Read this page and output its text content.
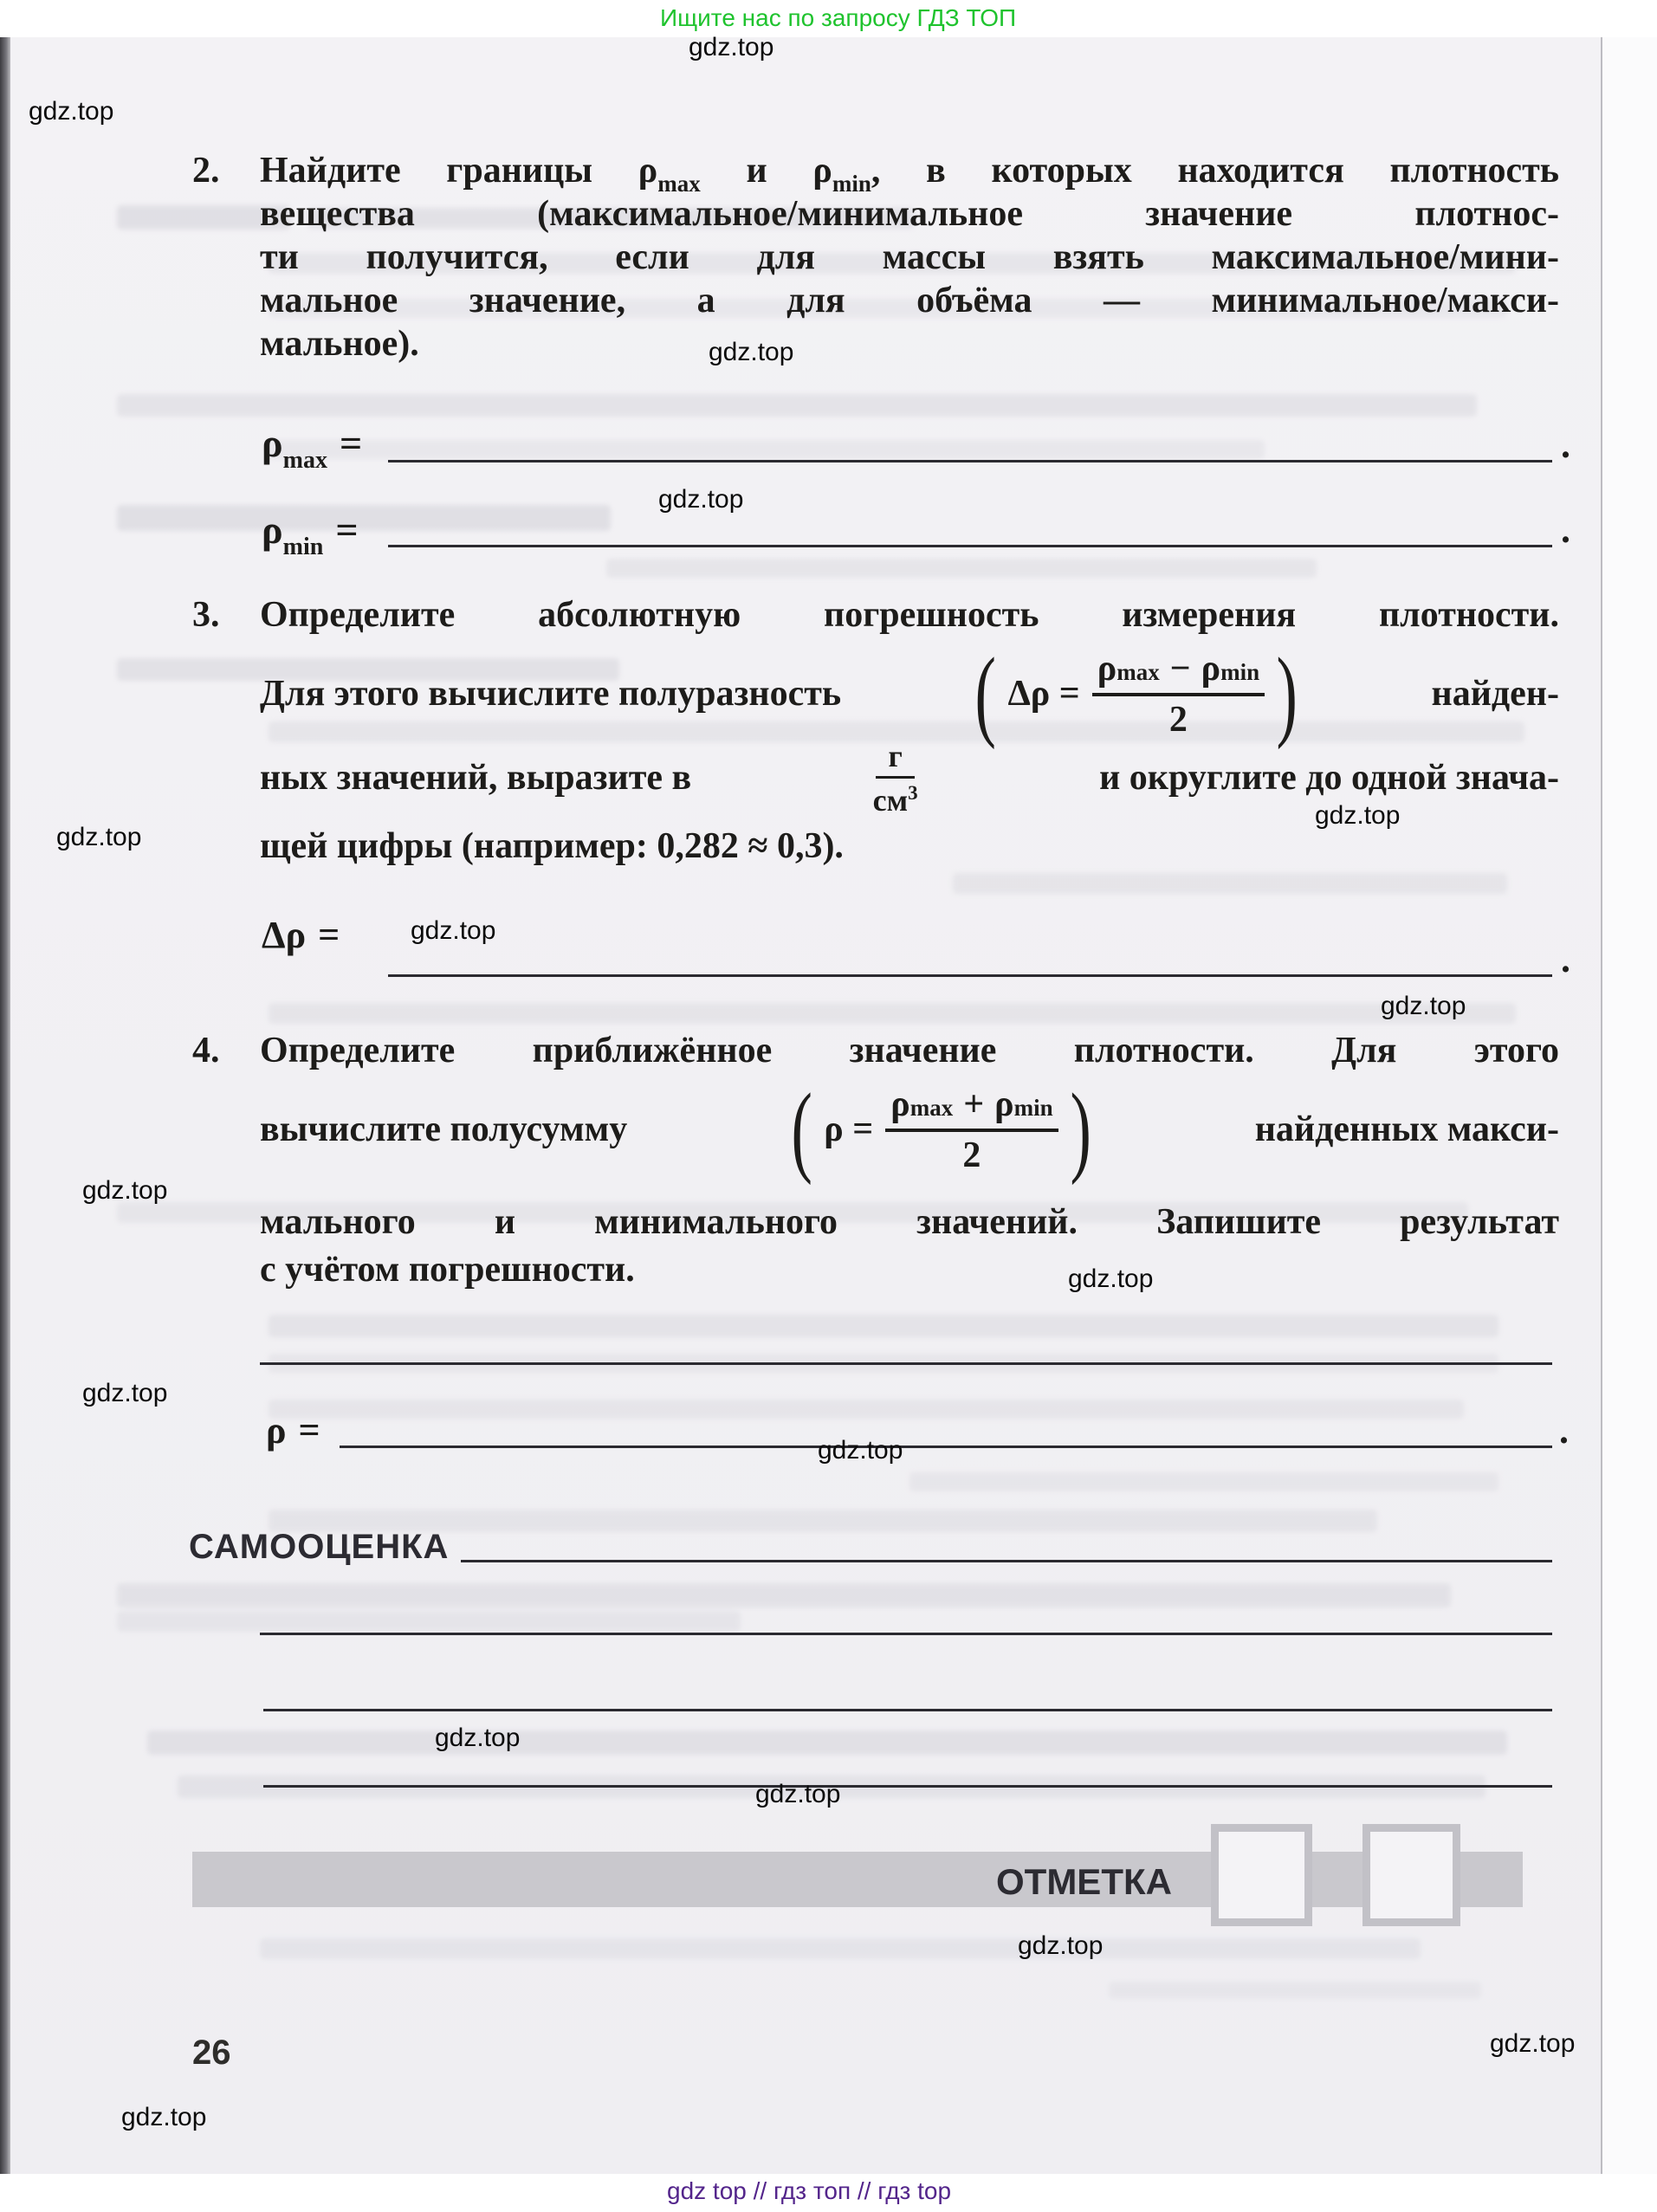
Ищите нас по запросу ГДЗ ТОП
2. Найдите границы $\rho_{max}$ и $\rho_{min}$, в которых находится плотность
вещества (максимальное/минимальное значение плотнос-
ти получится, если для массы взять максимальное/мини-
мальное значение, а для объёма — минимальное/макси-
мальное).
$\rho_{max}$ =	.
$\rho_{min}$ =	.
3. Определите абсолютную погрешность измерения плотности.
Для этого вычислите полуразность ( $\Delta\rho = \frac{\text{ρ max − ρ min}}{2}$ )	найден-
ных значений, выразите в	$\frac{г}{см^3}$	и округлите до одной знача-
щей цифры (например: 0,282 ≈ 0,3).
Δρ =
.
4. Определите приближённое значение плотности. Для этого
вычислите полусумму ( $\rho = \frac{\text{ρ max + ρ min}}{2}$ )	найденных макси-
мального и минимального значений. Запишите результат
с учётом погрешности.
ρ =	.
САМООЦЕНКА
ОТМЕТКА
26
gdz.top
gdz.top
gdz.top
gdz.top
gdz.top
gdz.top
gdz.top
gdz.top
gdz.top
gdz.top
gdz.top
gdz.top
gdz.top
gdz.top
gdz.top
gdz.top
gdz.top
gdz top // гдз топ // гдз top
